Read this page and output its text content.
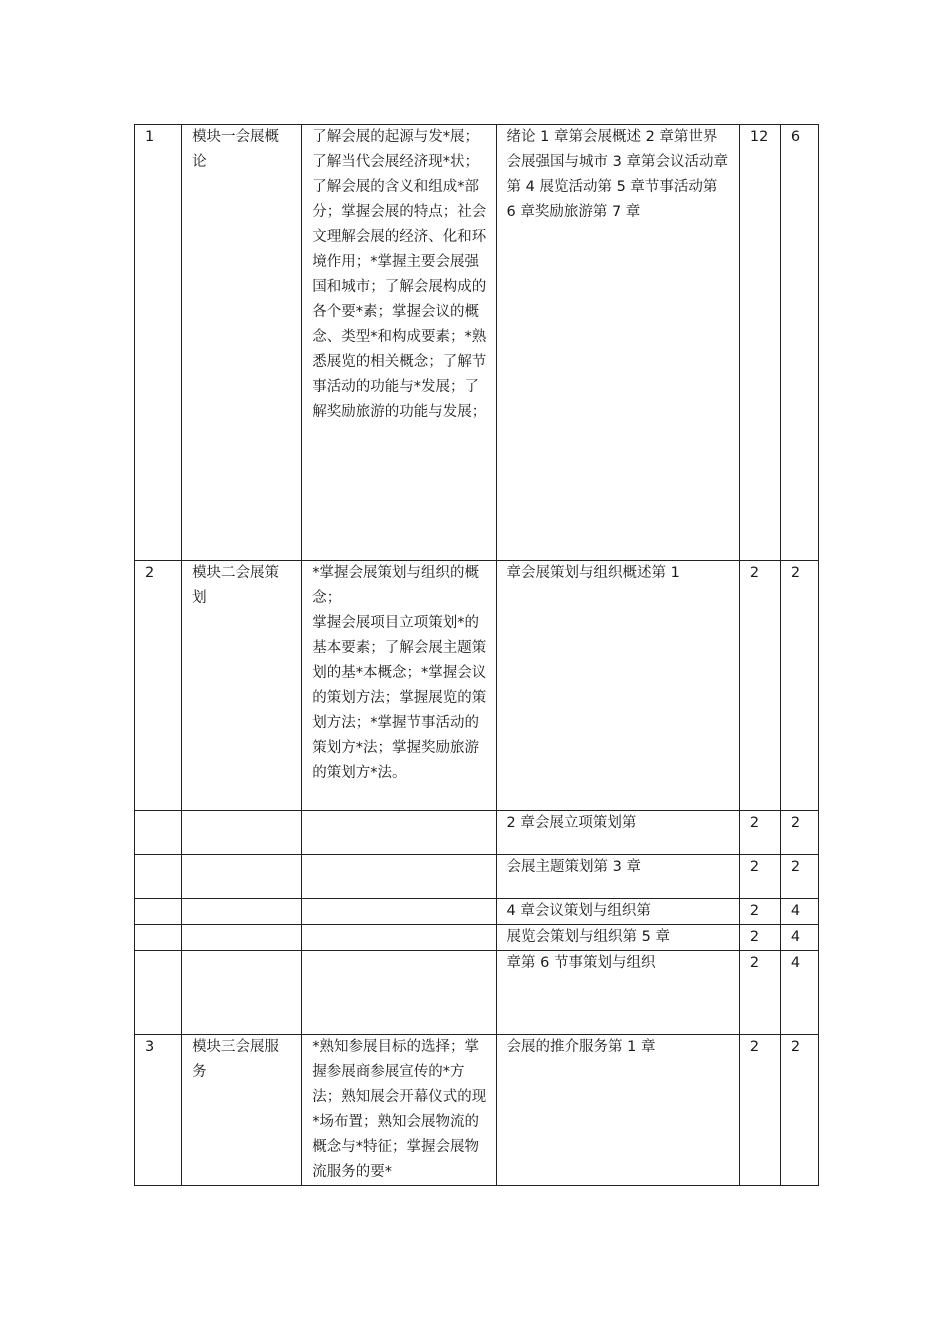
1	模块一会展概论	了解会展的起源与发*展；了解当代会展经济现*状；了解会展的含义和组成*部分；掌握会展的特点；社会文理解会展的经济、化和环境作用；*掌握主要会展强国和城市；了解会展构成的各个要*素；掌握会议的概念、类型*和构成要素；*熟悉展览的相关概念；了解节事活动的功能与*发展；了解奖励旅游的功能与发展；	绪论 1 章第会展概述 2 章第世界会展强国与城市 3 章第会议活动章第 4 展览活动第 5 章节事活动第 6 章奖励旅游第 7 章	12	6
2	模块二会展策划	*掌握会展策划与组织的概念；
掌握会展项目立项策划*的基本要素；了解会展主题策划的基*本概念；*掌握会议的策划方法；掌握展览的策划方法；*掌握节事活动的策划方*法；掌握奖励旅游的策划方*法。	章会展策划与组织概述第 1	2	2

			2 章会展立项策划第	2	2

			会展主题策划第 3 章	2	2

			4 章会议策划与组织第	2	4

			展览会策划与组织第 5 章	2	4

			章第 6 节事策划与组织	2	4
3	模块三会展服务	*熟知参展目标的选择；掌握参展商参展宣传的*方法；熟知展会开幕仪式的现*场布置；熟知会展物流的概念与*特征；掌握会展物流服务的要*	会展的推介服务第 1 章	2	2
